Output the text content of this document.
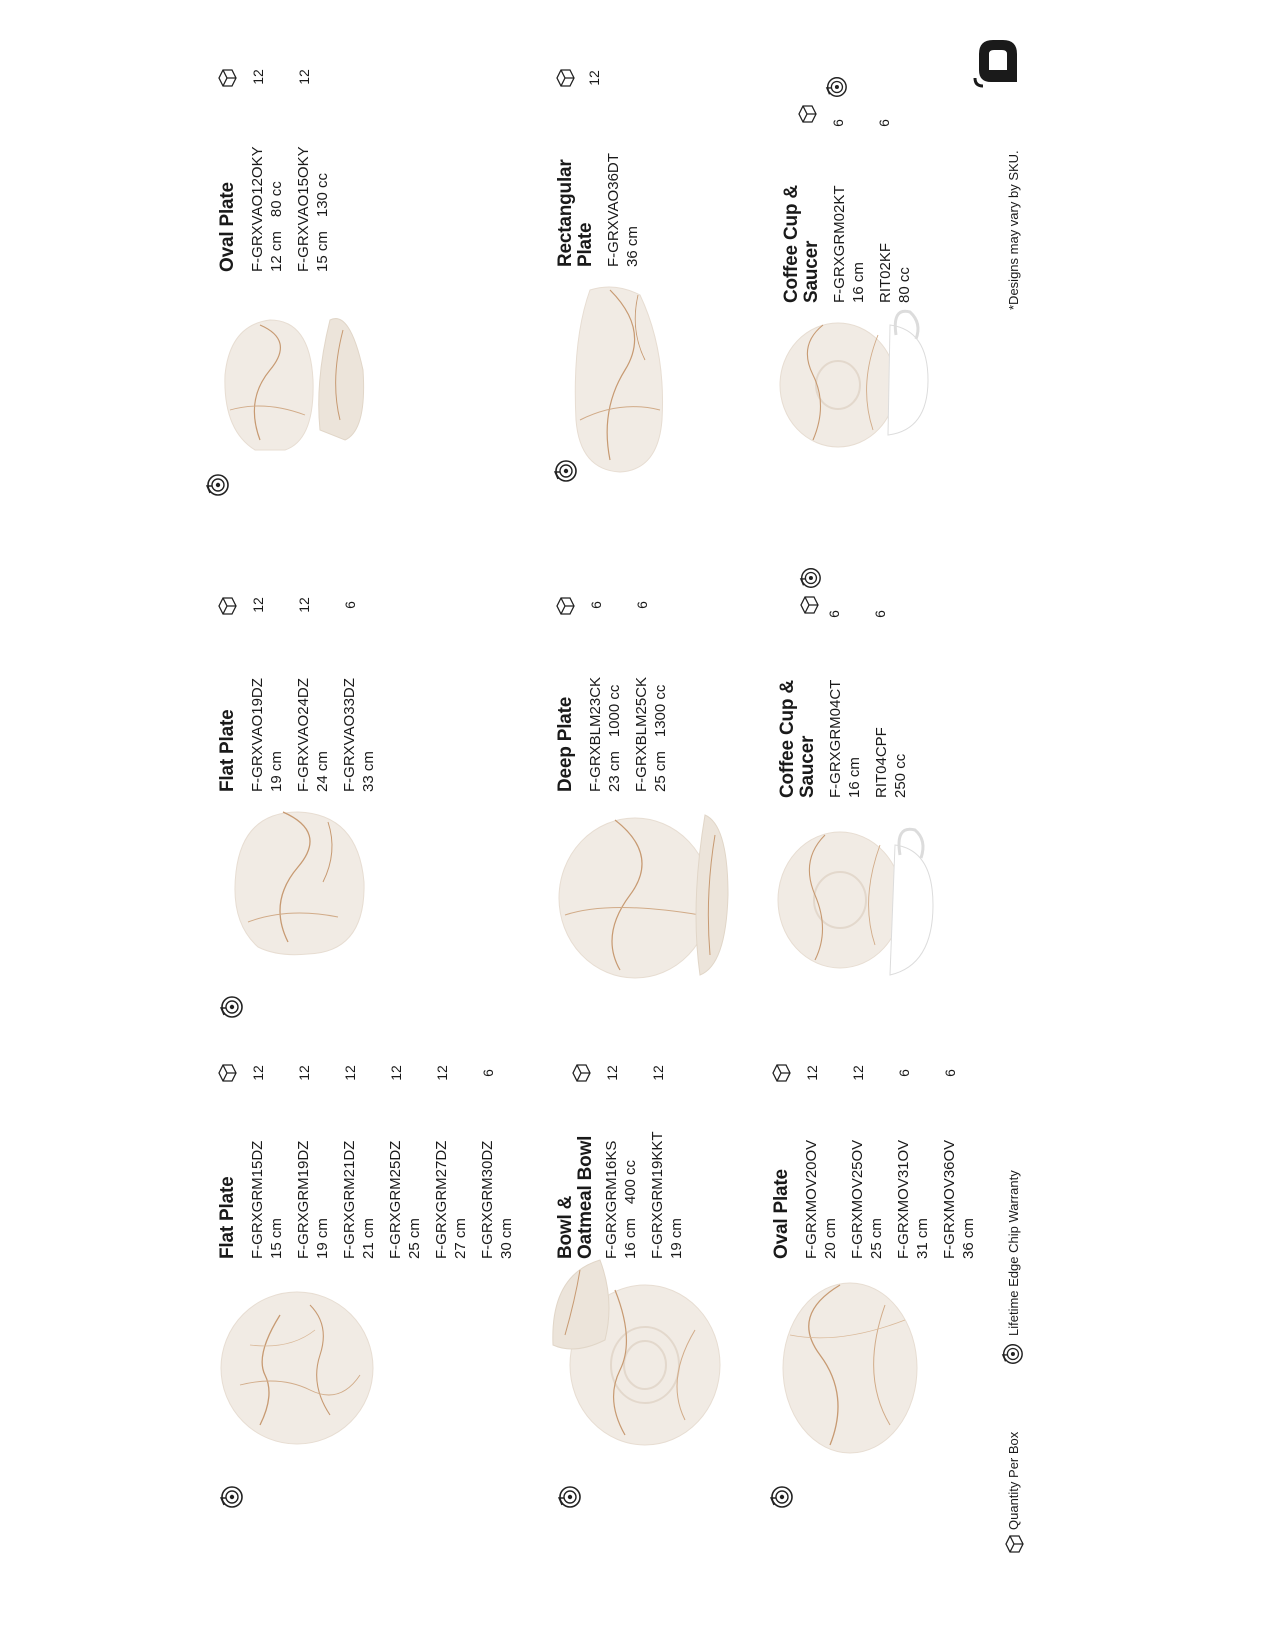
Flat Plate F-GRXGRM15DZ 15 cm
12
F-GRXGRM19DZ 19 cm
12
F-GRXGRM21DZ 21 cm
12
F-GRXGRM25DZ 25 cm
12
F-GRXGRM27DZ 27 cm
12
F-GRXGRM30DZ 30 cm
6
Flat Plate F-GRXVAO19DZ 19 cm
12
F-GRXVAO24DZ 24 cm
12
F-GRXVAO33DZ 33 cm
6
Oval Plate F-GRXVAO12OKY 12 cm80 cc
12
F-GRXVAO15OKY 15 cm130 cc
12
Bowl & Oatmeal Bowl F-GRXGRM16KS 16 cm400 cc
12
F-GRXGRM19KKT 19 cm
12
Deep Plate F-GRXBLM23CK 23 cm1000 cc
6
F-GRXBLM25CK 25 cm1300 cc
6
Rectangular Plate F-GRXVAO36DT 36 cm
12
Oval Plate F-GRXMOV20OV 20 cm
12
F-GRXMOV25OV 25 cm
12
F-GRXMOV31OV 31 cm
6
F-GRXMOV36OV 36 cm
6
Coffee Cup & Saucer F-GRXGRM04CT 16 cm
6
RIT04CPF 250 cc
6
Coffee Cup & Saucer F-GRXGRM02KT 16 cm
6
RIT02KF 80 cc
6
Quantity Per Box
Lifetime Edge Chip Warranty
*Designs may vary by SKU.
